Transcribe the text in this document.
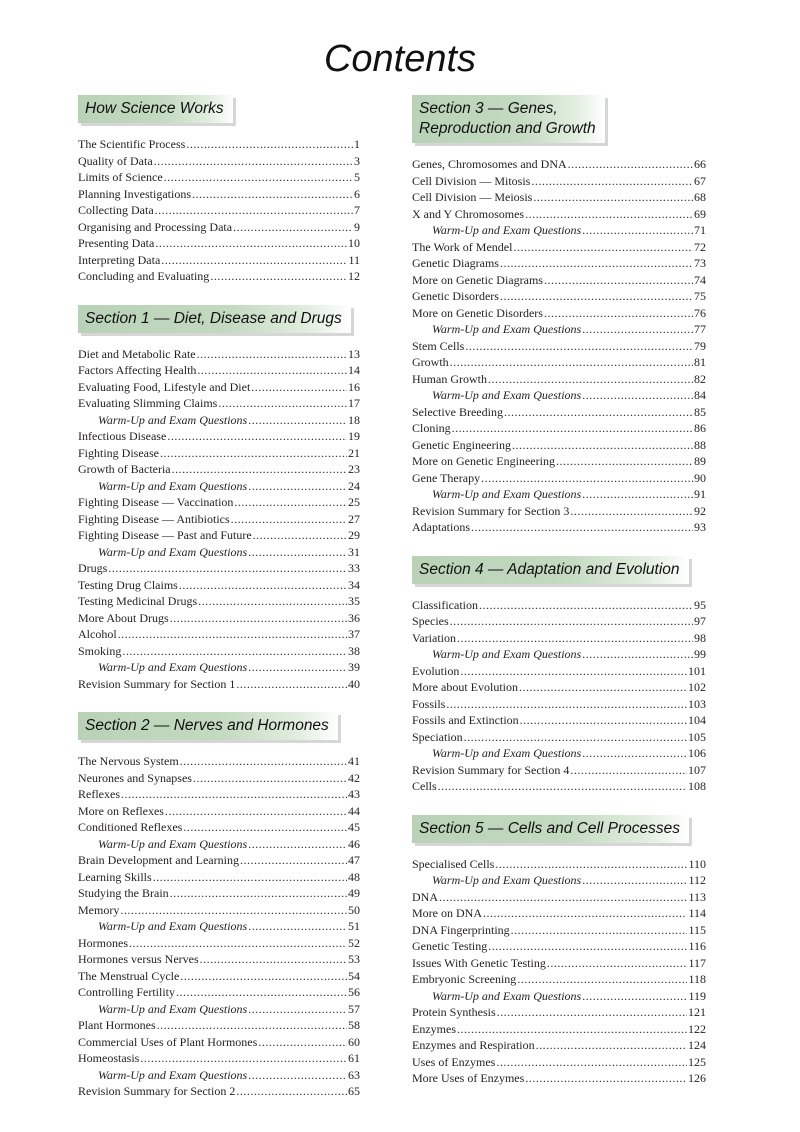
Contents
How Science Works
The Scientific Process .....	1
Quality of Data .....	3
Limits of Science .....	5
Planning Investigations .....	6
Collecting Data .....	7
Organising and Processing Data .....	9
Presenting Data .....	10
Interpreting Data .....	11
Concluding and Evaluating .....	12
Section 1 — Diet, Disease and Drugs
Diet and Metabolic Rate .....	13
Factors Affecting Health .....	14
Evaluating Food, Lifestyle and Diet .....	16
Evaluating Slimming Claims .....	17
Warm-Up and Exam Questions .....	18
Infectious Disease .....	19
Fighting Disease .....	21
Growth of Bacteria .....	23
Warm-Up and Exam Questions .....	24
Fighting Disease — Vaccination .....	25
Fighting Disease — Antibiotics .....	27
Fighting Disease — Past and Future .....	29
Warm-Up and Exam Questions .....	31
Drugs .....	33
Testing Drug Claims .....	34
Testing Medicinal Drugs .....	35
More About Drugs .....	36
Alcohol .....	37
Smoking .....	38
Warm-Up and Exam Questions .....	39
Revision Summary for Section 1 .....	40
Section 2 — Nerves and Hormones
The Nervous System .....	41
Neurones and Synapses .....	42
Reflexes .....	43
More on Reflexes .....	44
Conditioned Reflexes .....	45
Warm-Up and Exam Questions .....	46
Brain Development and Learning .....	47
Learning Skills .....	48
Studying the Brain .....	49
Memory .....	50
Warm-Up and Exam Questions .....	51
Hormones .....	52
Hormones versus Nerves .....	53
The Menstrual Cycle .....	54
Controlling Fertility .....	56
Warm-Up and Exam Questions .....	57
Plant Hormones .....	58
Commercial Uses of Plant Hormones .....	60
Homeostasis .....	61
Warm-Up and Exam Questions .....	63
Revision Summary for Section 2 .....	65
Section 3 — Genes,
Reproduction and Growth
Genes, Chromosomes and DNA .....	66
Cell Division — Mitosis .....	67
Cell Division — Meiosis .....	68
X and Y Chromosomes .....	69
Warm-Up and Exam Questions .....	71
The Work of Mendel .....	72
Genetic Diagrams .....	73
More on Genetic Diagrams .....	74
Genetic Disorders .....	75
More on Genetic Disorders .....	76
Warm-Up and Exam Questions .....	77
Stem Cells .....	79
Growth .....	81
Human Growth .....	82
Warm-Up and Exam Questions .....	84
Selective Breeding .....	85
Cloning .....	86
Genetic Engineering .....	88
More on Genetic Engineering .....	89
Gene Therapy .....	90
Warm-Up and Exam Questions .....	91
Revision Summary for Section 3 .....	92
Adaptations .....	93
Section 4 — Adaptation and Evolution
Classification .....	95
Species .....	97
Variation .....	98
Warm-Up and Exam Questions .....	99
Evolution .....	101
More about Evolution .....	102
Fossils .....	103
Fossils and Extinction .....	104
Speciation .....	105
Warm-Up and Exam Questions .....	106
Revision Summary for Section 4 .....	107
Cells .....	108
Section 5 — Cells and Cell Processes
Specialised Cells .....	110
Warm-Up and Exam Questions .....	112
DNA .....	113
More on DNA .....	114
DNA Fingerprinting .....	115
Genetic Testing .....	116
Issues With Genetic Testing .....	117
Embryonic Screening .....	118
Warm-Up and Exam Questions .....	119
Protein Synthesis .....	121
Enzymes .....	122
Enzymes and Respiration .....	124
Uses of Enzymes .....	125
More Uses of Enzymes .....	126
